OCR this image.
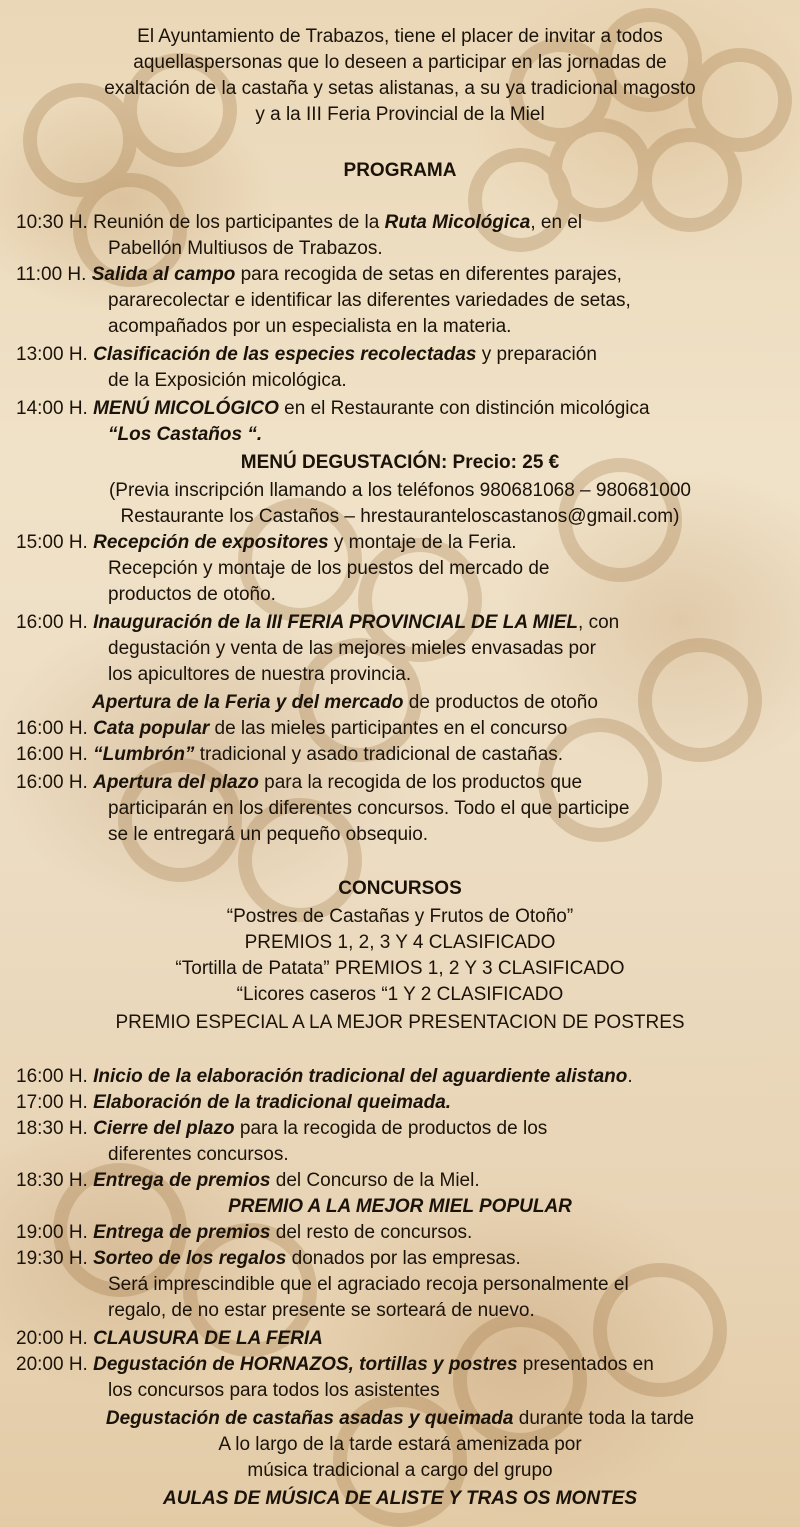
El Ayuntamiento de Trabazos, tiene el placer de invitar a todos
aquellaspersonas que lo deseen a participar en las jornadas de
exaltación de la castaña y setas alistanas, a su ya tradicional magosto
y a la III Feria Provincial de la Miel
PROGRAMA
10:30 H. Reunión de los participantes de la Ruta Micológica, en el
Pabellón Multiusos de Trabazos.
11:00 H. Salida al campo para recogida de setas en diferentes parajes,
pararecolectar e identificar las diferentes variedades de setas,
acompañados por un especialista en la materia.
13:00 H. Clasificación de las especies recolectadas y preparación
de la Exposición micológica.
14:00 H. MENÚ MICOLÓGICO en el Restaurante con distinción micológica
“Los Castaños “.
MENÚ DEGUSTACIÓN: Precio: 25 €
(Previa inscripción llamando a los teléfonos 980681068 – 980681000
Restaurante los Castaños – hrestauranteloscastanos@gmail.com)
15:00 H. Recepción de expositores y montaje de la Feria.
Recepción y montaje de los puestos del mercado de
productos de otoño.
16:00 H. Inauguración de la III FERIA PROVINCIAL DE LA MIEL, con
degustación y venta de las mejores mieles envasadas por
los apicultores de nuestra provincia.
Apertura de la Feria y del mercado de productos de otoño
16:00 H. Cata popular de las mieles participantes en el concurso
16:00 H. “Lumbrón” tradicional y asado tradicional de castañas.
16:00 H. Apertura del plazo para la recogida de los productos que
participarán en los diferentes concursos. Todo el que participe
se le entregará un pequeño obsequio.
CONCURSOS
“Postres de Castañas y Frutos de Otoño”
PREMIOS 1, 2, 3 Y 4 CLASIFICADO
“Tortilla de Patata” PREMIOS 1, 2 Y 3 CLASIFICADO
“Licores caseros “1 Y 2 CLASIFICADO
PREMIO ESPECIAL A LA MEJOR PRESENTACION DE POSTRES
16:00 H. Inicio de la elaboración tradicional del aguardiente alistano.
17:00 H. Elaboración de la tradicional queimada.
18:30 H. Cierre del plazo para la recogida de productos de los
diferentes concursos.
18:30 H. Entrega de premios del Concurso de la Miel.
PREMIO A LA MEJOR MIEL POPULAR
19:00 H. Entrega de premios del resto de concursos.
19:30 H. Sorteo de los regalos donados por las empresas.
Será imprescindible que el agraciado recoja personalmente el
regalo, de no estar presente se sorteará de nuevo.
20:00 H. CLAUSURA DE LA FERIA
20:00 H. Degustación de HORNAZOS, tortillas y postres presentados en
los concursos para todos los asistentes
Degustación de castañas asadas y queimada durante toda la tarde
A lo largo de la tarde estará amenizada por
música tradicional a cargo del grupo
AULAS DE MÚSICA DE ALISTE Y TRAS OS MONTES
